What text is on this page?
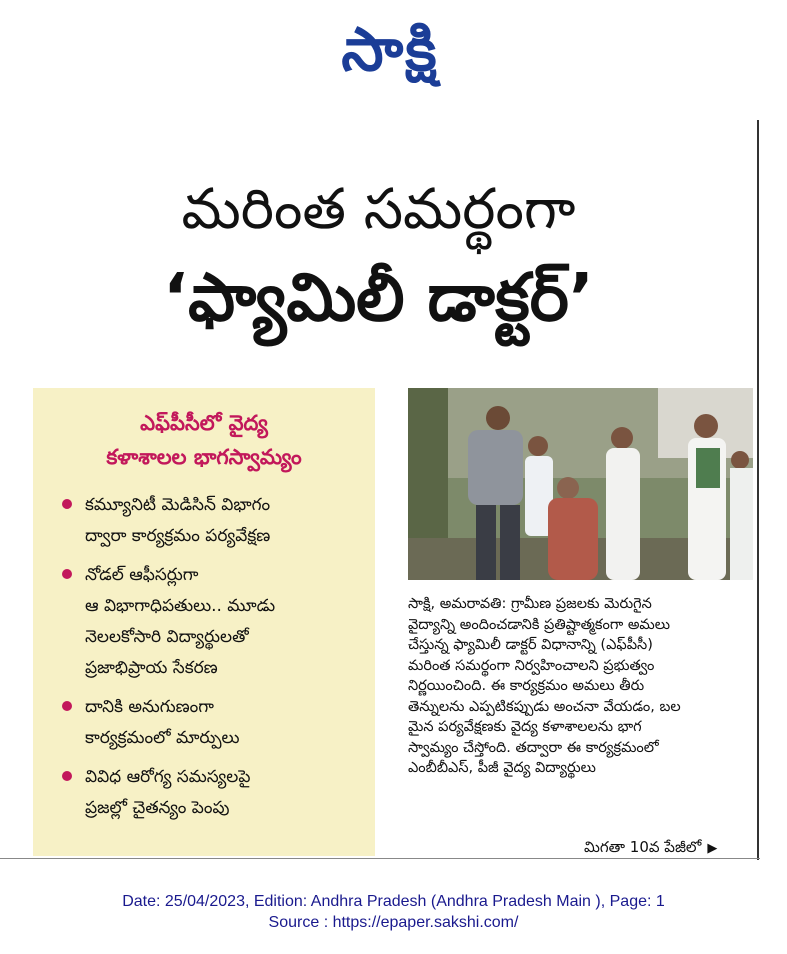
సాక్షి
మరింత సమర్థంగా
‘ఫ్యామిలీ డాక్టర్’
ఎఫ్‌పీసీలో వైద్య
కళాశాలల భాగస్వామ్యం
కమ్యూనిటీ మెడిసిన్ విభాగం
ద్వారా కార్యక్రమం పర్యవేక్షణ
నోడల్ ఆఫీసర్లుగా
ఆ విభాగాధిపతులు.. మూడు
నెలలకోసారి విద్యార్థులతో
ప్రజాభిప్రాయ సేకరణ
దానికి అనుగుణంగా
కార్యక్రమంలో మార్పులు
వివిధ ఆరోగ్య సమస్యలపై
ప్రజల్లో చైతన్యం పెంపు
సాక్షి, అమరావతి: గ్రామీణ ప్రజలకు మెరుగైన
వైద్యాన్ని అందించడానికి ప్రతిష్టాత్మకంగా అమలు
చేస్తున్న ఫ్యామిలీ డాక్టర్ విధానాన్ని (ఎఫ్‌పీసీ)
మరింత సమర్థంగా నిర్వహించాలని ప్రభుత్వం
నిర్ణయించింది. ఈ కార్యక్రమం అమలు తీరు
తెన్నులను ఎప్పటికప్పుడు అంచనా వేయడం, బల
మైన పర్యవేక్షణకు వైద్య కళాశాలలను భాగ
స్వామ్యం చేస్తోంది. తద్వారా ఈ కార్యక్రమంలో
ఎంబీబీఎస్, పీజీ వైద్య విద్యార్థులు
మిగతా 10వ పేజీలో ▶
Date: 25/04/2023, Edition: Andhra Pradesh (Andhra Pradesh Main ), Page: 1
Source : https://epaper.sakshi.com/
